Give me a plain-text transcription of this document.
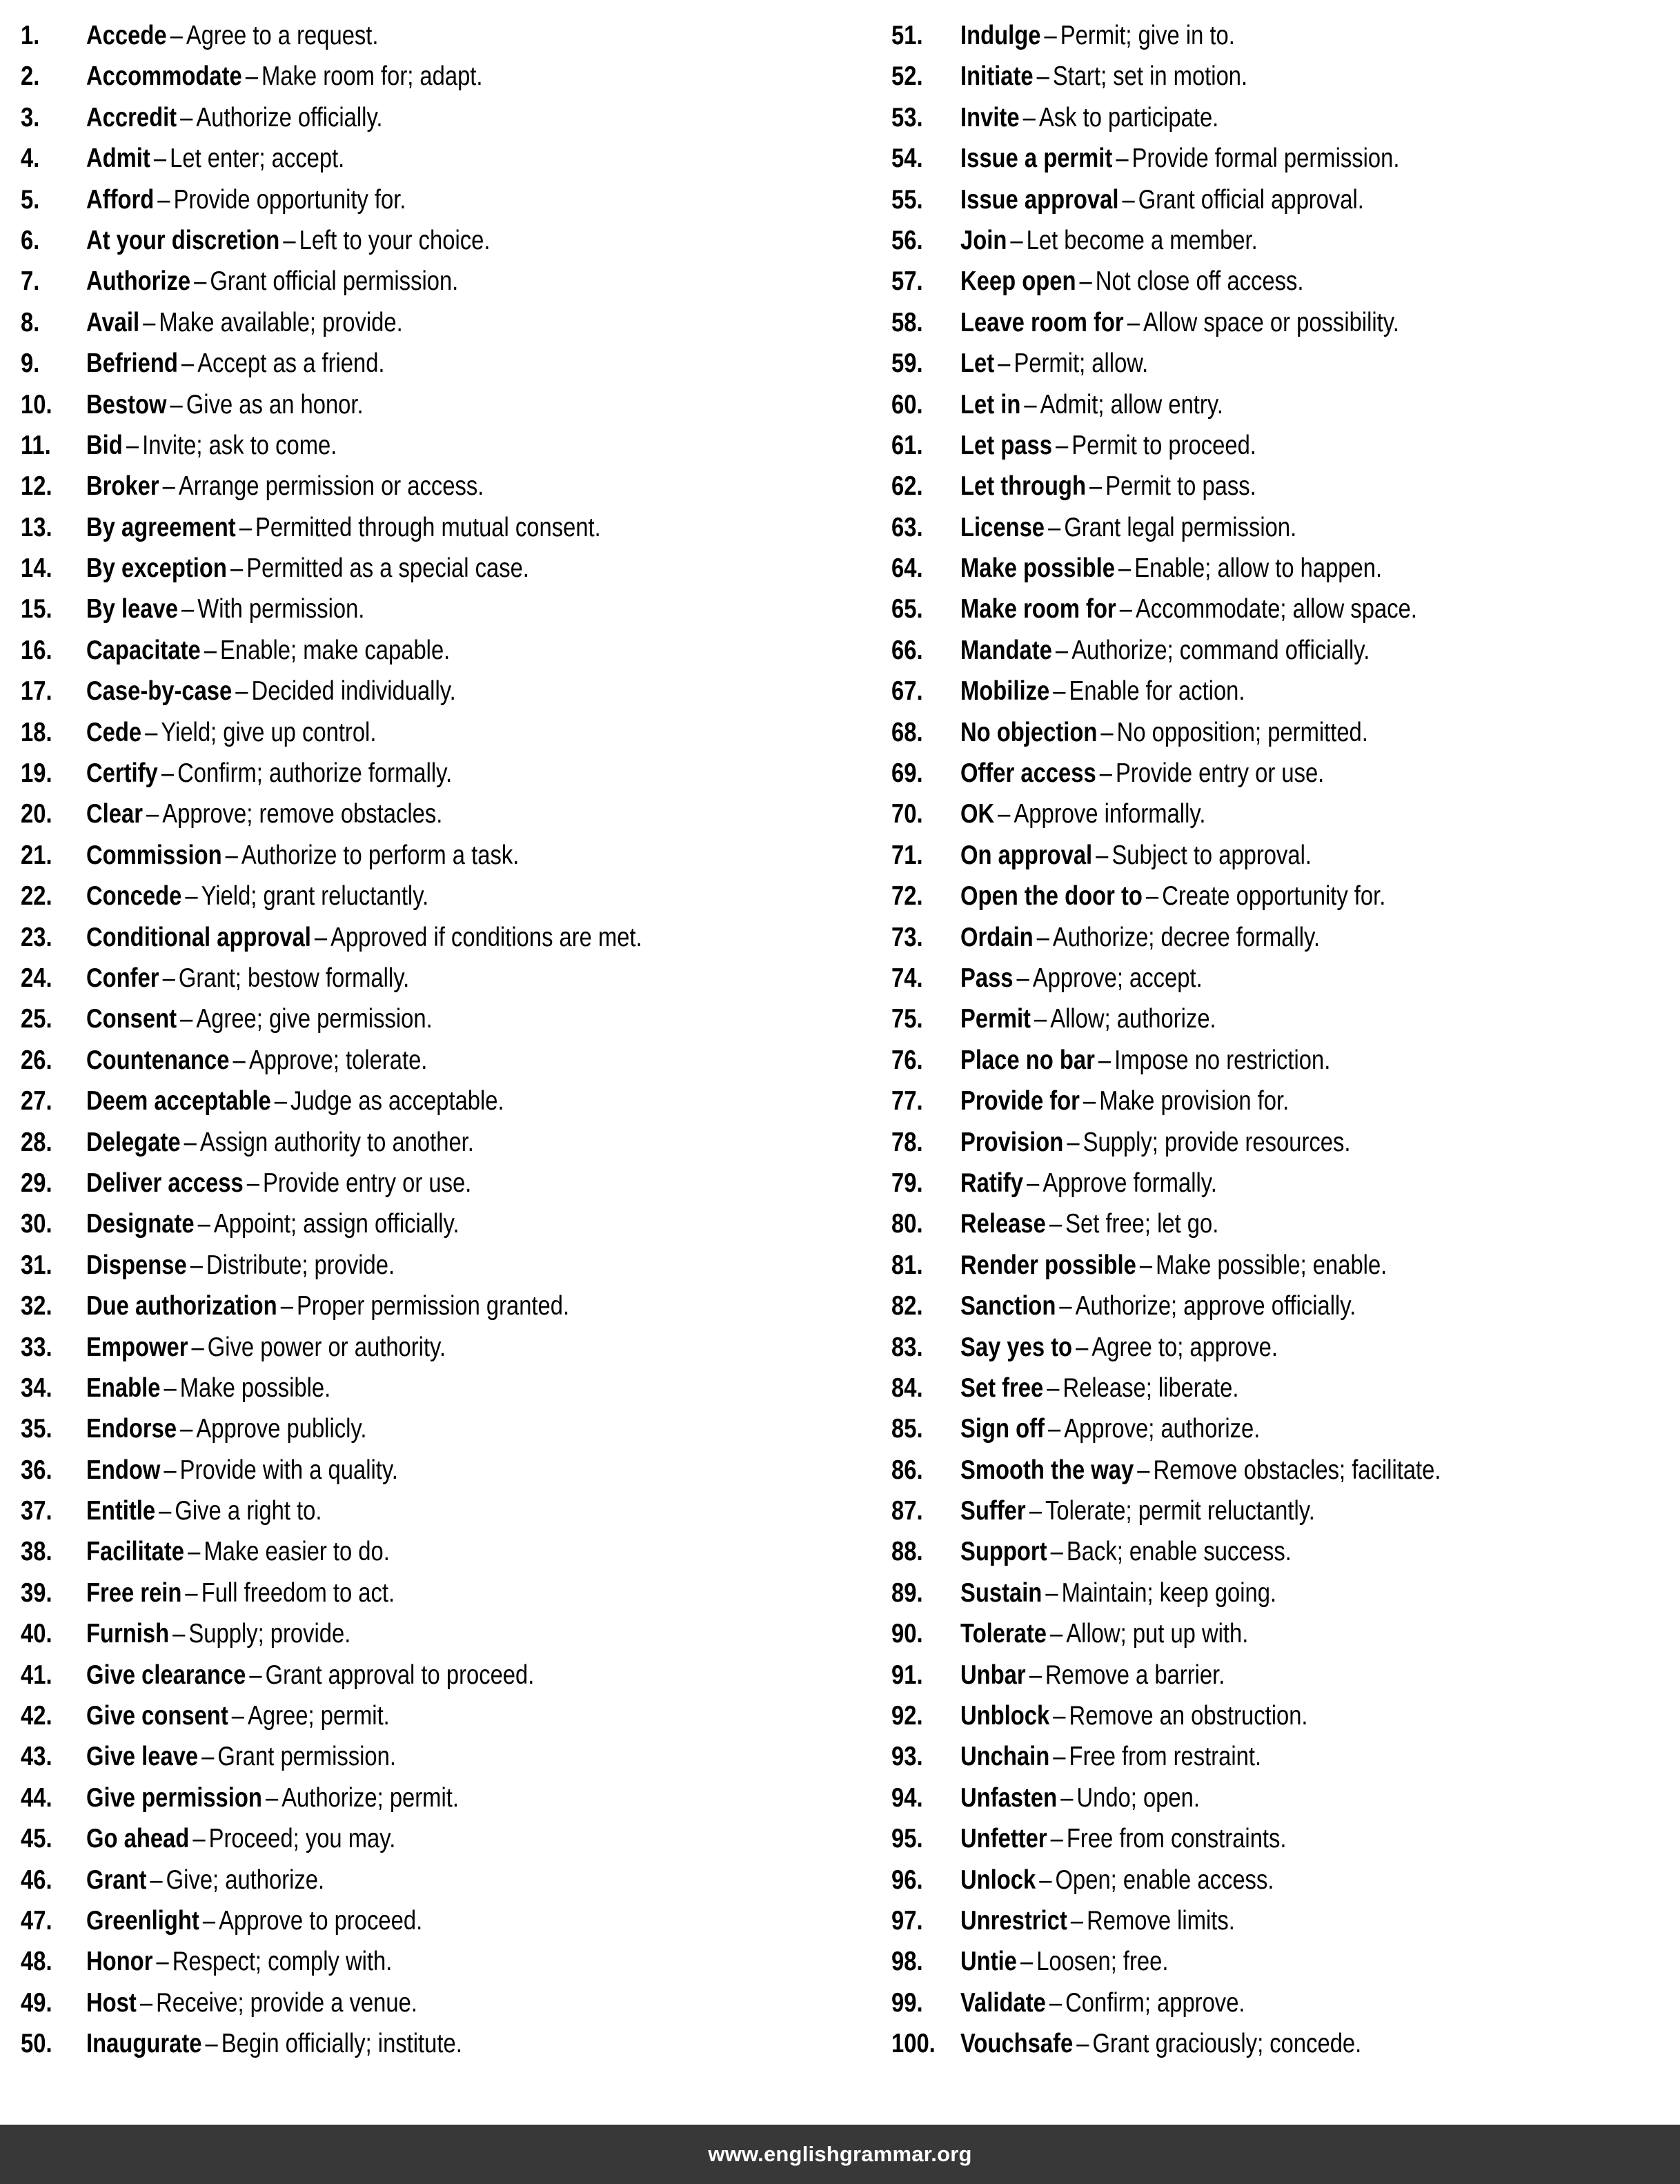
1.	Accede – Agree to a request.
2.	Accommodate – Make room for; adapt.
3.	Accredit – Authorize officially.
4.	Admit – Let enter; accept.
5.	Afford – Provide opportunity for.
6.	At your discretion – Left to your choice.
7.	Authorize – Grant official permission.
8.	Avail – Make available; provide.
9.	Befriend – Accept as a friend.
10.	Bestow – Give as an honor.
11.	Bid – Invite; ask to come.
12.	Broker – Arrange permission or access.
13.	By agreement – Permitted through mutual consent.
14.	By exception – Permitted as a special case.
15.	By leave – With permission.
16.	Capacitate – Enable; make capable.
17.	Case-by-case – Decided individually.
18.	Cede – Yield; give up control.
19.	Certify – Confirm; authorize formally.
20.	Clear – Approve; remove obstacles.
21.	Commission – Authorize to perform a task.
22.	Concede – Yield; grant reluctantly.
23.	Conditional approval – Approved if conditions are met.
24.	Confer – Grant; bestow formally.
25.	Consent – Agree; give permission.
26.	Countenance – Approve; tolerate.
27.	Deem acceptable – Judge as acceptable.
28.	Delegate – Assign authority to another.
29.	Deliver access – Provide entry or use.
30.	Designate – Appoint; assign officially.
31.	Dispense – Distribute; provide.
32.	Due authorization – Proper permission granted.
33.	Empower – Give power or authority.
34.	Enable – Make possible.
35.	Endorse – Approve publicly.
36.	Endow – Provide with a quality.
37.	Entitle – Give a right to.
38.	Facilitate – Make easier to do.
39.	Free rein – Full freedom to act.
40.	Furnish – Supply; provide.
41.	Give clearance – Grant approval to proceed.
42.	Give consent – Agree; permit.
43.	Give leave – Grant permission.
44.	Give permission – Authorize; permit.
45.	Go ahead – Proceed; you may.
46.	Grant – Give; authorize.
47.	Greenlight – Approve to proceed.
48.	Honor – Respect; comply with.
49.	Host – Receive; provide a venue.
50.	Inaugurate – Begin officially; institute.
51.	Indulge – Permit; give in to.
52.	Initiate – Start; set in motion.
53.	Invite – Ask to participate.
54.	Issue a permit – Provide formal permission.
55.	Issue approval – Grant official approval.
56.	Join – Let become a member.
57.	Keep open – Not close off access.
58.	Leave room for – Allow space or possibility.
59.	Let – Permit; allow.
60.	Let in – Admit; allow entry.
61.	Let pass – Permit to proceed.
62.	Let through – Permit to pass.
63.	License – Grant legal permission.
64.	Make possible – Enable; allow to happen.
65.	Make room for – Accommodate; allow space.
66.	Mandate – Authorize; command officially.
67.	Mobilize – Enable for action.
68.	No objection – No opposition; permitted.
69.	Offer access – Provide entry or use.
70.	OK – Approve informally.
71.	On approval – Subject to approval.
72.	Open the door to – Create opportunity for.
73.	Ordain – Authorize; decree formally.
74.	Pass – Approve; accept.
75.	Permit – Allow; authorize.
76.	Place no bar – Impose no restriction.
77.	Provide for – Make provision for.
78.	Provision – Supply; provide resources.
79.	Ratify – Approve formally.
80.	Release – Set free; let go.
81.	Render possible – Make possible; enable.
82.	Sanction – Authorize; approve officially.
83.	Say yes to – Agree to; approve.
84.	Set free – Release; liberate.
85.	Sign off – Approve; authorize.
86.	Smooth the way – Remove obstacles; facilitate.
87.	Suffer – Tolerate; permit reluctantly.
88.	Support – Back; enable success.
89.	Sustain – Maintain; keep going.
90.	Tolerate – Allow; put up with.
91.	Unbar – Remove a barrier.
92.	Unblock – Remove an obstruction.
93.	Unchain – Free from restraint.
94.	Unfasten – Undo; open.
95.	Unfetter – Free from constraints.
96.	Unlock – Open; enable access.
97.	Unrestrict – Remove limits.
98.	Untie – Loosen; free.
99.	Validate – Confirm; approve.
100. Vouchsafe – Grant graciously; concede.
www.englishgrammar.org
